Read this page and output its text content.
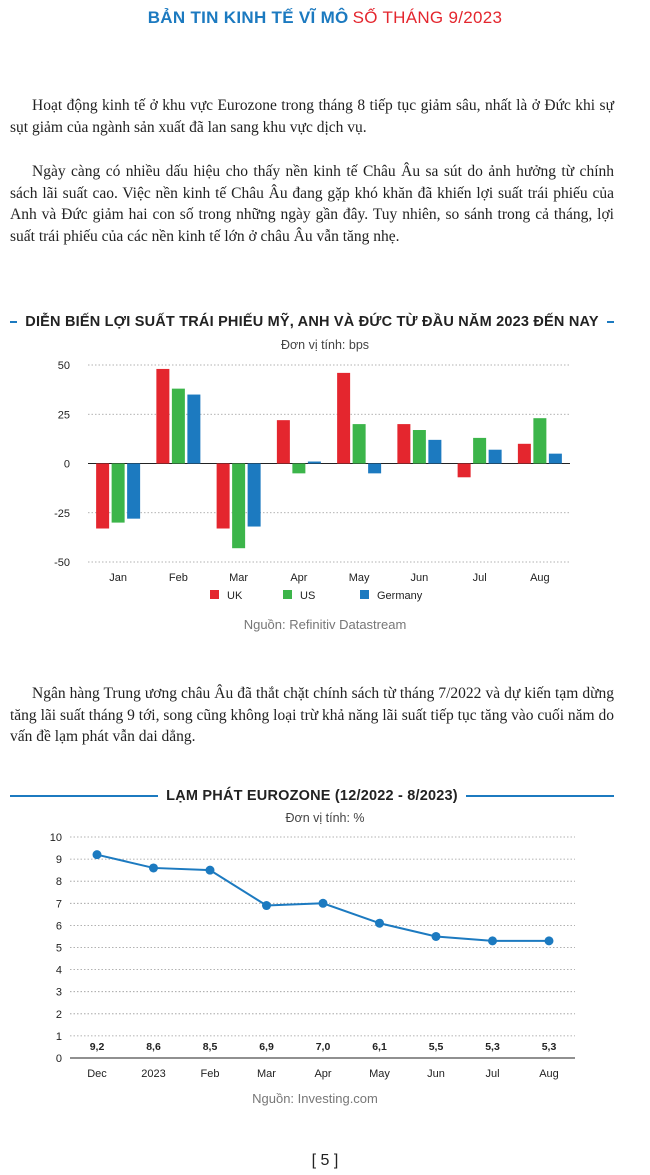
BẢN TIN KINH TẾ VĨ MÔ SỐ THÁNG 9/2023

Hoạt động kinh tế ở khu vực Eurozone trong tháng 8 tiếp tục giảm sâu, nhất là ở Đức khi sự sụt giảm của ngành sản xuất đã lan sang khu vực dịch vụ.

Ngày càng có nhiều dấu hiệu cho thấy nền kinh tế Châu Âu sa sút do ảnh hưởng từ chính sách lãi suất cao. Việc nền kinh tế Châu Âu đang gặp khó khăn đã khiến lợi suất trái phiếu của Anh và Đức giảm hai con số trong những ngày gần đây. Tuy nhiên, so sánh trong cả tháng, lợi suất trái phiếu của các nền kinh tế lớn ở châu Âu vẫn tăng nhẹ.

DIỄN BIẾN LỢI SUẤT TRÁI PHIẾU MỸ, ANH VÀ ĐỨC TỪ ĐẦU NĂM 2023 ĐẾN NAY
Đơn vị tính: bps
50
25
0
-25
-50
Jan	Feb	Mar	Apr	May	Jun	Jul	Aug
UK	US	Germany
Nguồn: Refinitiv Datastream

Ngân hàng Trung ương châu Âu đã thắt chặt chính sách từ tháng 7/2022 và dự kiến tạm dừng tăng lãi suất tháng 9 tới, song cũng không loại trừ khả năng lãi suất tiếp tục tăng vào cuối năm do vấn đề lạm phát vẫn dai dẳng.

LẠM PHÁT EUROZONE (12/2022 - 8/2023)
Đơn vị tính: %
10
9
8
7
6
5
4
3
2
1
0
9,2
Dec
8,6
2023
8,5
Feb
6,9
Mar
7,0
Apr
6,1
May
5,5
Jun
5,3
Jul
5,3
Aug
Nguồn: Investing.com
[ 5 ]
